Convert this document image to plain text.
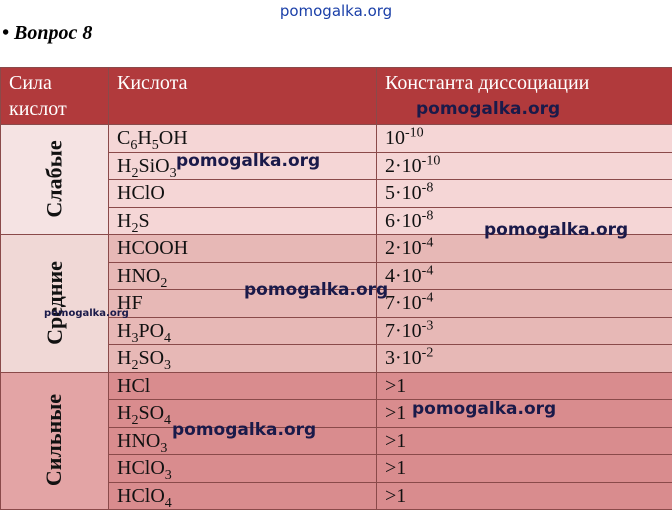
pomogalka.org
• Вопрос 8
Сила кислот	Кислота	Константа диссоциации
Слабые	$C_6H_5OH$	$10^{-10}$
	$H_2SiO_3$	$2\cdot 10^{-10}$
	HClO	$5\cdot 10^{-8}$
	$H_2S$	$6\cdot 10^{-8}$
Средние	HCOOH	$2\cdot 10^{-4}$
	$HNO_2$	$4\cdot 10^{-4}$
	HF	$7\cdot 10^{-4}$
	$H_3PO_4$	$7\cdot 10^{-3}$
	$H_2SO_3$	$3\cdot 10^{-2}$
Сильные	HCl	>1
	$H_2SO_4$	>1
	$HNO_3$	>1
	HClO$_3$	>1
	HClO$_4$	>1
pomogalka.org
pomogalka.org
pomogalka.org
pomogalka.org
pomogalka.org
pomogalka.org
pomogalka.org
